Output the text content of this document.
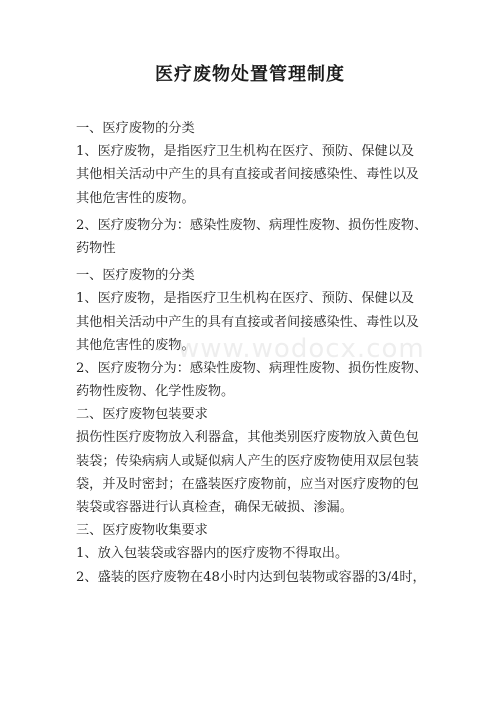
医疗废物处置管理制度
一、医疗废物的分类
1、医疗废物，是指医疗卫生机构在医疗、预防、保健以及
其他相关活动中产生的具有直接或者间接感染性、毒性以及
其他危害性的废物。
2、医疗废物分为：感染性废物、病理性废物、损伤性废物、
药物性
一、医疗废物的分类
1、医疗废物，是指医疗卫生机构在医疗、预防、保健以及
其他相关活动中产生的具有直接或者间接感染性、毒性以及
其他危害性的废物。
2、医疗废物分为：感染性废物、病理性废物、损伤性废物、
药物性废物、化学性废物。
二、医疗废物包装要求
损伤性医疗废物放入利器盒，其他类别医疗废物放入黄色包
装袋；传染病病人或疑似病人产生的医疗废物使用双层包装
袋，并及时密封；在盛装医疗废物前，应当对医疗废物的包
装袋或容器进行认真检查，确保无破损、渗漏。
三、医疗废物收集要求
1、放入包装袋或容器内的医疗废物不得取出。
2、盛装的医疗废物在48小时内达到包装物或容器的3/4时，
www.wodocx.com
